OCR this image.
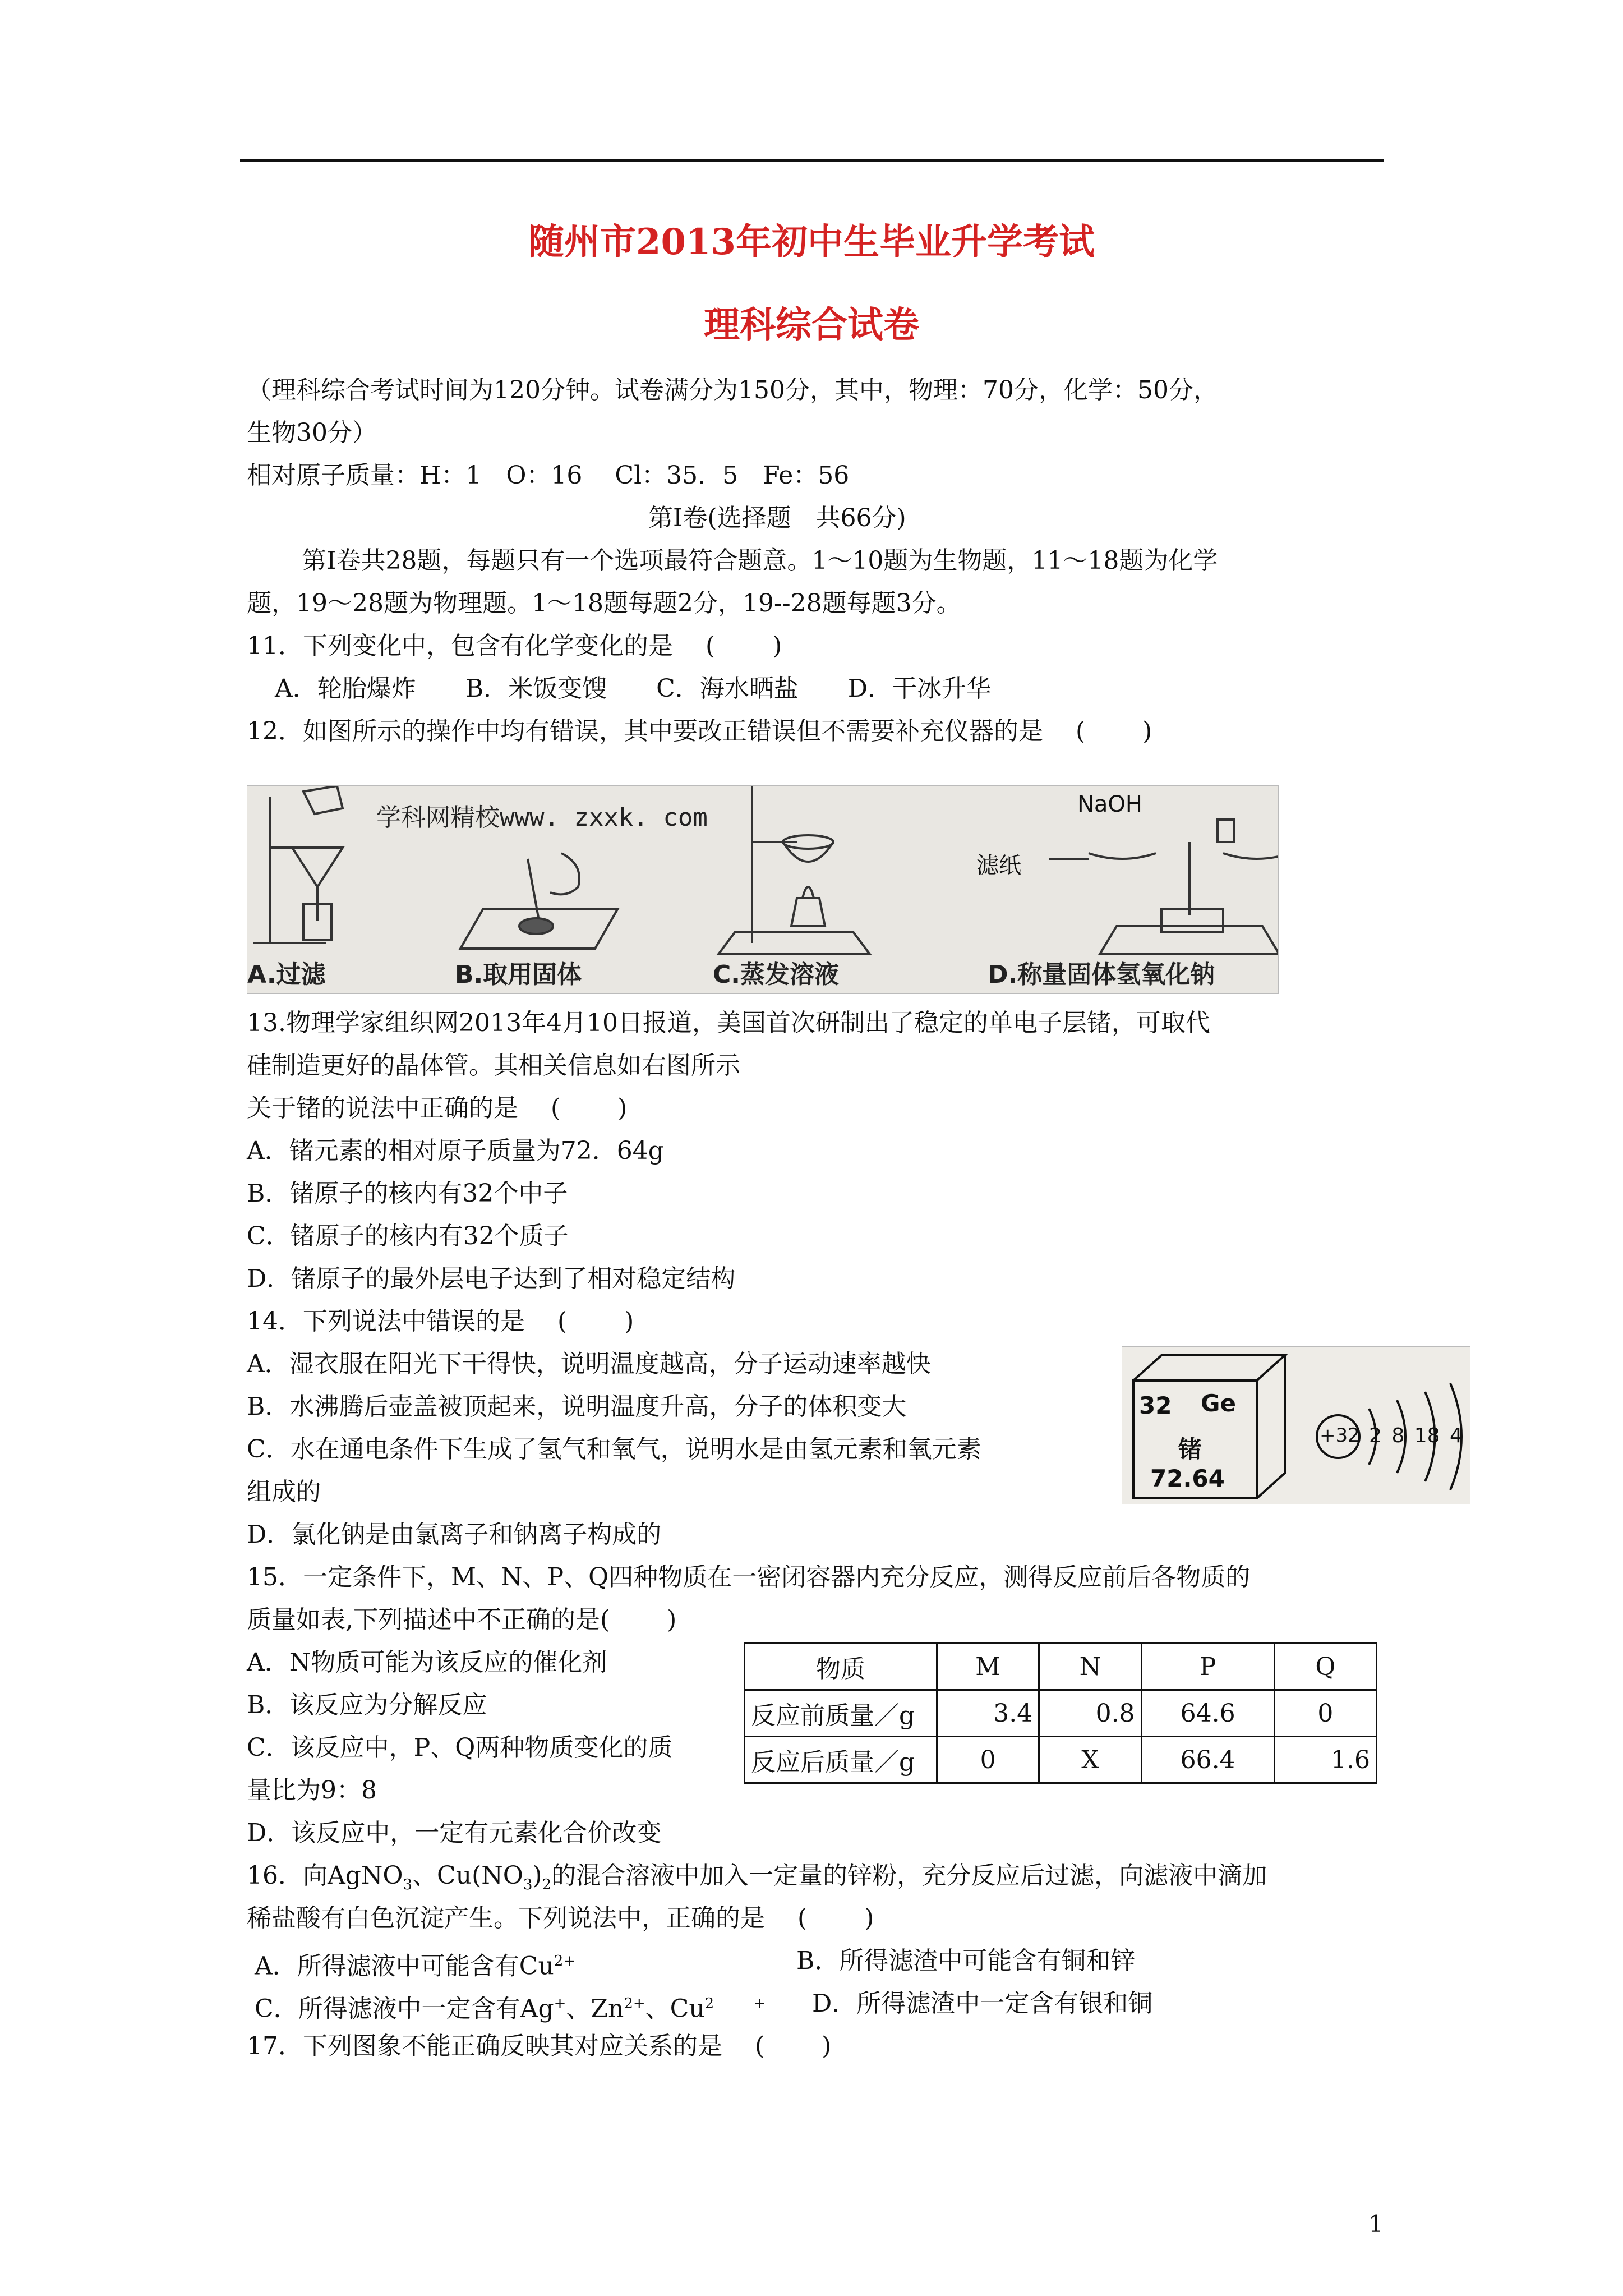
随州市2013年初中生毕业升学考试
理科综合试卷
（理科综合考试时间为120分钟。试卷满分为150分，其中，物理：70分，化学：50分，
生物30分）
相对原子质量：H：1　O：16　 Cl：35．5　Fe：56
第Ⅰ卷(选择题　共66分)
第Ⅰ卷共28题，每题只有一个选项最符合题意。1～10题为生物题，11～18题为化学
题，19～28题为物理题。1～18题每题2分，19--28题每题3分。
11．下列变化中，包含有化学变化的是　 (　　 )
A．轮胎爆炸　　B．米饭变馊　　C．海水晒盐　　D．干冰升华
12．如图所示的操作中均有错误，其中要改正错误但不需要补充仪器的是　 (　　 )
学科网精校www. zxxk. com	NaOH
滤纸
A.过滤	B.取用固体	C.蒸发溶液	D.称量固体氢氧化钠
13.物理学家组织网2013年4月10日报道，美国首次研制出了稳定的单电子层锗，可取代
硅制造更好的晶体管。其相关信息如右图所示
关于锗的说法中正确的是　 (　　 )
A．锗元素的相对原子质量为72．64g
B．锗原子的核内有32个中子
C．锗原子的核内有32个质子
D．锗原子的最外层电子达到了相对稳定结构
32 Ge
锗
72.64
+32 2 8 18 4
14．下列说法中错误的是　 (　　 )
A．湿衣服在阳光下干得快，说明温度越高，分子运动速率越快
B．水沸腾后壶盖被顶起来，说明温度升高，分子的体积变大
C．水在通电条件下生成了氢气和氧气，说明水是由氢元素和氧元素
组成的
D．氯化钠是由氯离子和钠离子构成的
15．一定条件下，M、N、P、Q四种物质在一密闭容器内充分反应，测得反应前后各物质的
质量如表,下列描述中不正确的是(　　 )
A．N物质可能为该反应的催化剂
B．该反应为分解反应
C．该反应中，P、Q两种物质变化的质
量比为9：8
D．该反应中，一定有元素化合价改变
物质	M	N	P	Q
反应前质量／g	3.4	0.8	64.6	0
反应后质量／g	0	X	66.4	1.6
16．向AgNO$_3$、$Cu(NO_3)_2$的混合溶液中加入一定量的锌粉，充分反应后过滤，向滤液中滴加
稀盐酸有白色沉淀产生。下列说法中，正确的是　 (　　 )
A．所得滤液中可能含有$Cu^{2+}$	B．所得滤渣中可能含有铜和锌
C．所得滤液中一定含有Ag+、$Zn^{2+}$、Cu$^2$	+ D．所得滤渣中一定含有银和铜
17．下列图象不能正确反映其对应关系的是　 (　　 )
1
